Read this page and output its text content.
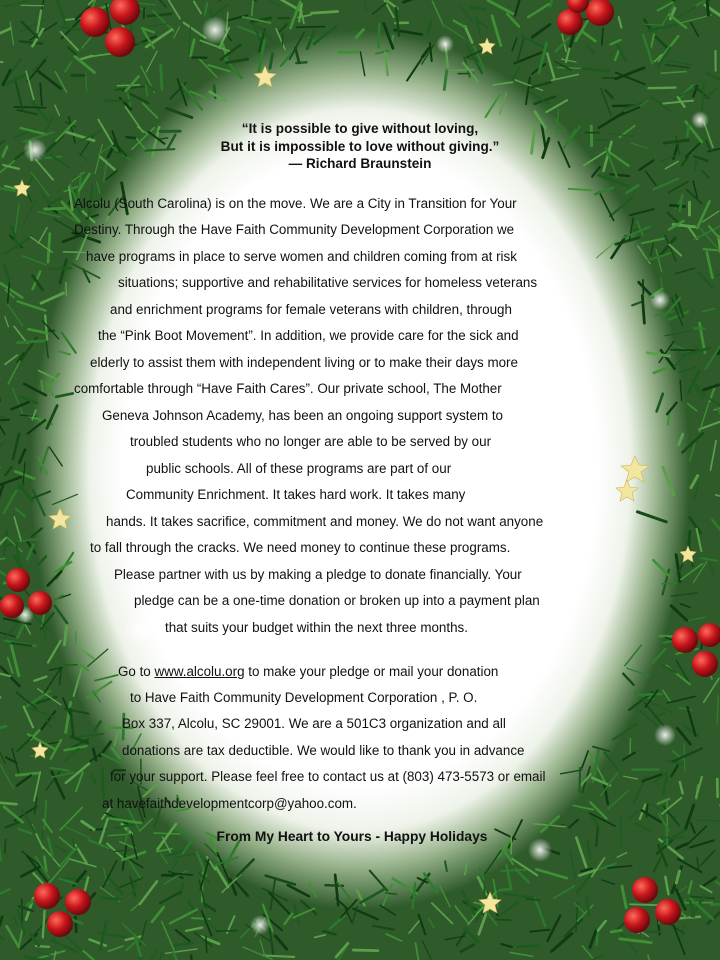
“It is possible to give without loving,
But it is impossible to love without giving.”
— Richard Braunstein
Alcolu (South Carolina) is on the move. We are a City in Transition for Your
Destiny. Through the Have Faith Community Development Corporation we
have programs in place to serve women and children coming from at risk
situations; supportive and rehabilitative services for homeless veterans
and enrichment programs for female veterans with children, through
the “Pink Boot Movement”. In addition, we provide care for the sick and
elderly to assist them with independent living or to make their days more
comfortable through “Have Faith Cares”. Our private school, The Mother
Geneva Johnson Academy, has been an ongoing support system to
troubled students who no longer are able to be served by our
public schools. All of these programs are part of our
Community Enrichment. It takes hard work. It takes many
hands. It takes sacrifice, commitment and money. We do not want anyone
to fall through the cracks. We need money to continue these programs.
Please partner with us by making a pledge to donate financially. Your
pledge can be a one-time donation or broken up into a payment plan
that suits your budget within the next three months.
Go to www.alcolu.org to make your pledge or mail your donation
to Have Faith Community Development Corporation , P. O.
Box 337, Alcolu, SC 29001. We are a 501C3 organization and all
donations are tax deductible. We would like to thank you in advance
for your support. Please feel free to contact us at (803) 473-5573 or email
at havefaithdevelopmentcorp@yahoo.com.
From My Heart to Yours - Happy Holidays
